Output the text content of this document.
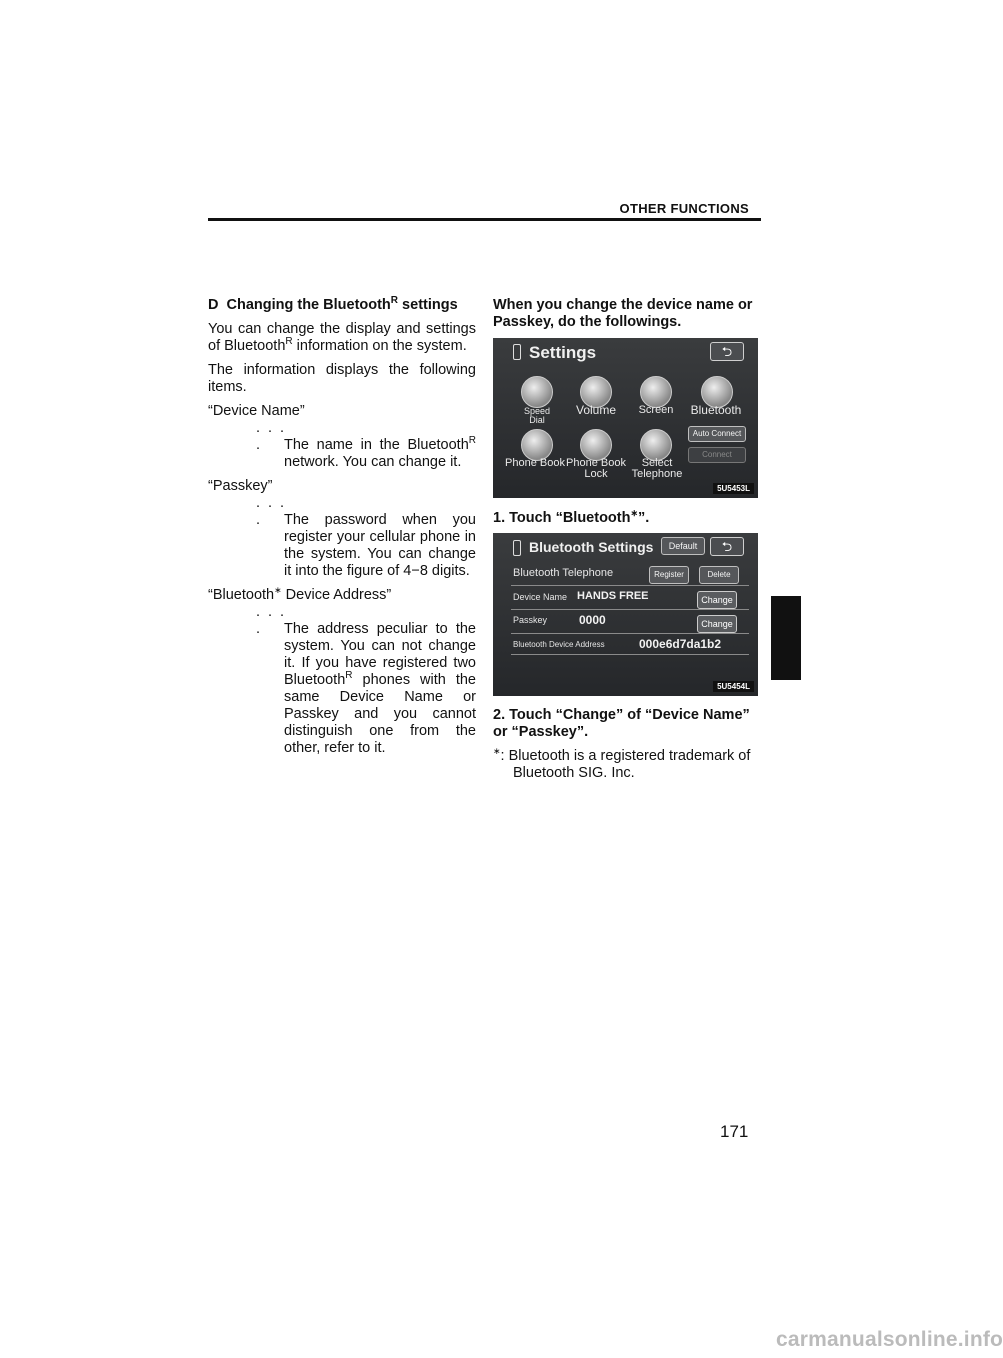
OTHER FUNCTIONS

D Changing the Bluetooth$^R$ settings

You can change the display and settings of Bluetooth$^R$ information on the system.

The information displays the following items.

“Device Name”

. . . . The name in the Bluetooth$^R$ network. You can change it.

“Passkey”

. . . . The password when you register your cellular phone in the system. You can change it into the figure of 4−8 digits.

“Bluetooth∗ Device Address”

. . . . The address peculiar to the system. You can not change it. If you have registered two Bluetooth$^R$ phones with the same Device Name or Passkey and you cannot distinguish one from the other, refer to it.

When you change the device name or Passkey, do the followings.

Settings	⮌
Speed
Dial
Volume	Screen	Bluetooth
Phone Book Phone Book
Lock
Select
Telephone
Auto Connect
Connect
5U5453L

1. Touch “Bluetooth∗”.

Bluetooth Settings	Default	⮌
Bluetooth Telephone	Register	Delete
Device Name HANDS FREE	Change
Passkey	0000	Change
Bluetooth Device Address	000e6d7da1b2
5U5454L

2. Touch “Change” of “Device Name” or “Passkey”.

∗: Bluetooth is a registered trademark of Bluetooth SIG. Inc.

171
carmanualsonline.info
